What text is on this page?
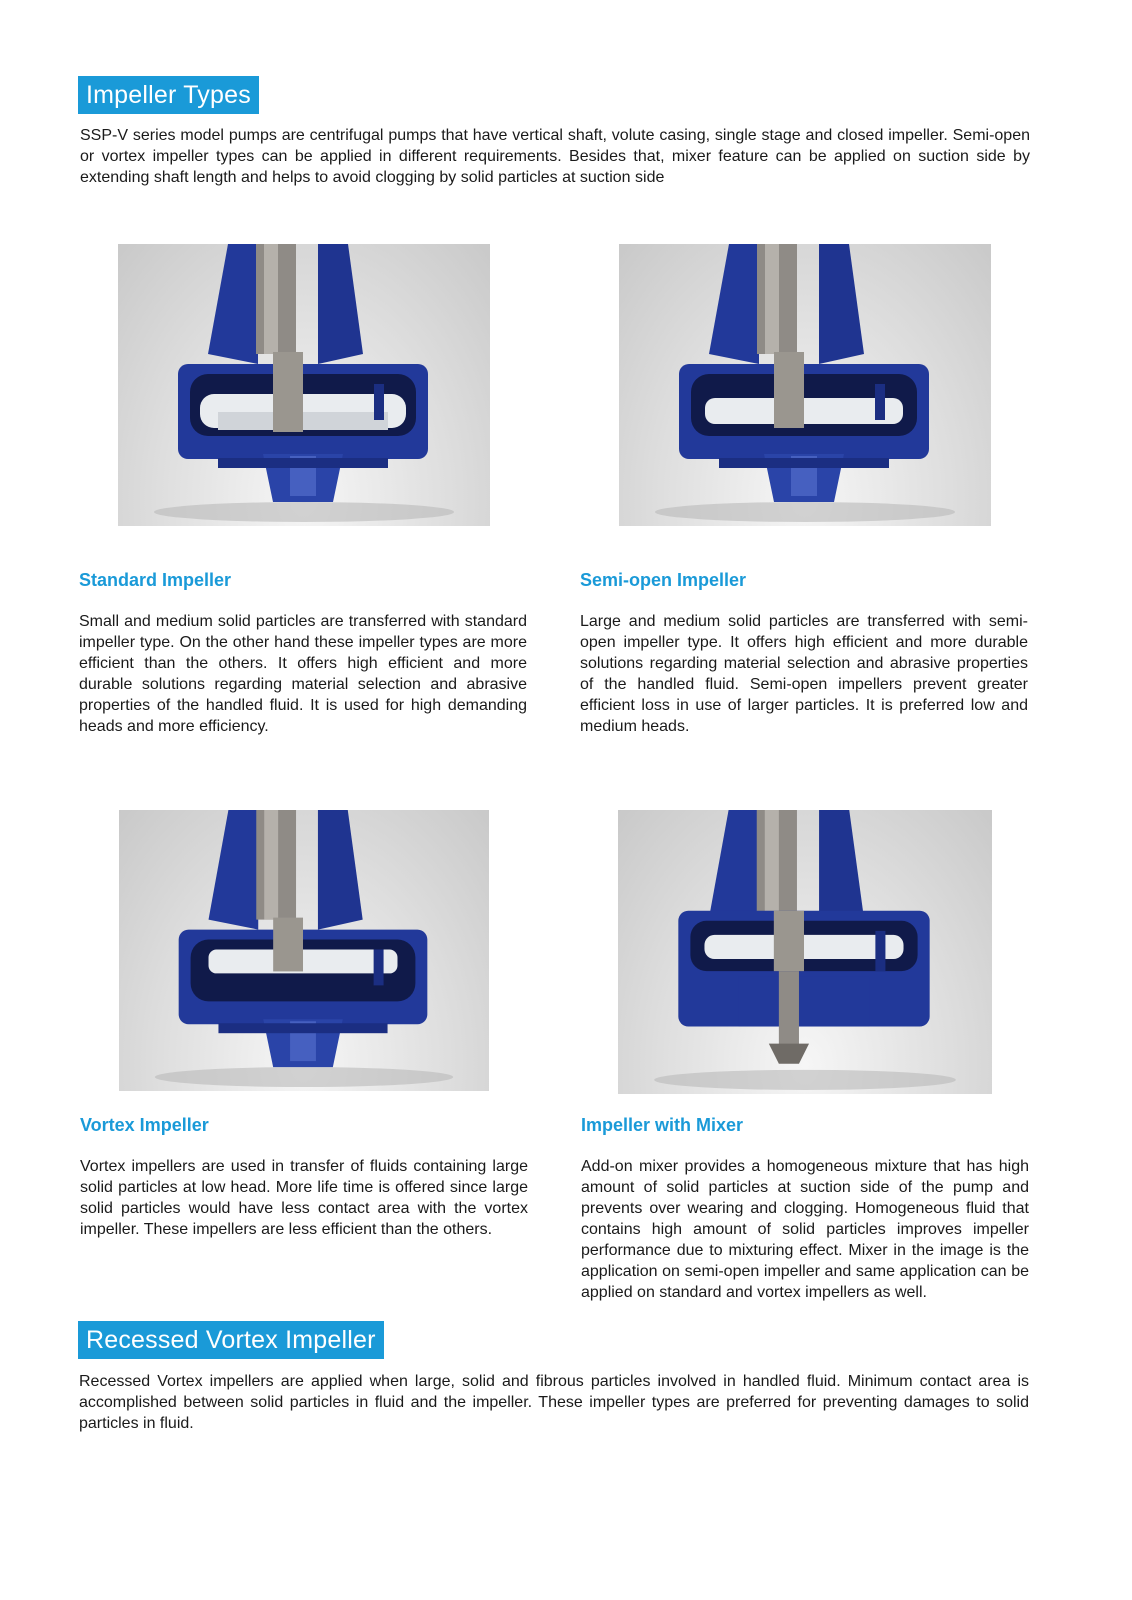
Impeller Types

SSP-V series model pumps are centrifugal pumps that have vertical shaft, volute casing, single stage and closed impeller. Semi-open or vortex impeller types can be applied in different requirements. Besides that, mixer feature can be applied on suction side by extending shaft length and helps to avoid clogging by solid particles at suction side

Standard Impeller

Small and medium solid particles are transferred with standard impeller type. On the other hand these impeller types are more efficient than the others. It offers high efficient and more durable solutions regarding material selection and abrasive properties of the handled fluid. It is used for high demanding heads and more efficiency.

Semi-open Impeller

Large and medium solid particles are transferred with semi-open impeller type. It offers high efficient and more durable solutions regarding material selection and abrasive properties of the handled fluid. Semi-open impellers prevent greater efficient loss in use of larger particles. It is preferred low and medium heads.

Vortex Impeller

Vortex impellers are used in transfer of fluids containing large solid particles at low head. More life time is offered since large solid particles would have less contact area with the vortex impeller. These impellers are less efficient than the others.

Impeller with Mixer

Add-on mixer provides a homogeneous mixture that has high amount of solid particles at suction side of the pump and prevents over wearing and clogging. Homogeneous fluid that contains high amount of solid particles improves impeller performance due to mixturing effect. Mixer in the image is the application on semi-open impeller and same application can be applied on standard and vortex impellers as well.

Recessed Vortex Impeller

Recessed Vortex impellers are applied when large, solid and fibrous particles involved in handled fluid. Minimum contact area is accomplished between solid particles in fluid and the impeller. These impeller types are preferred for preventing damages to solid particles in fluid.
